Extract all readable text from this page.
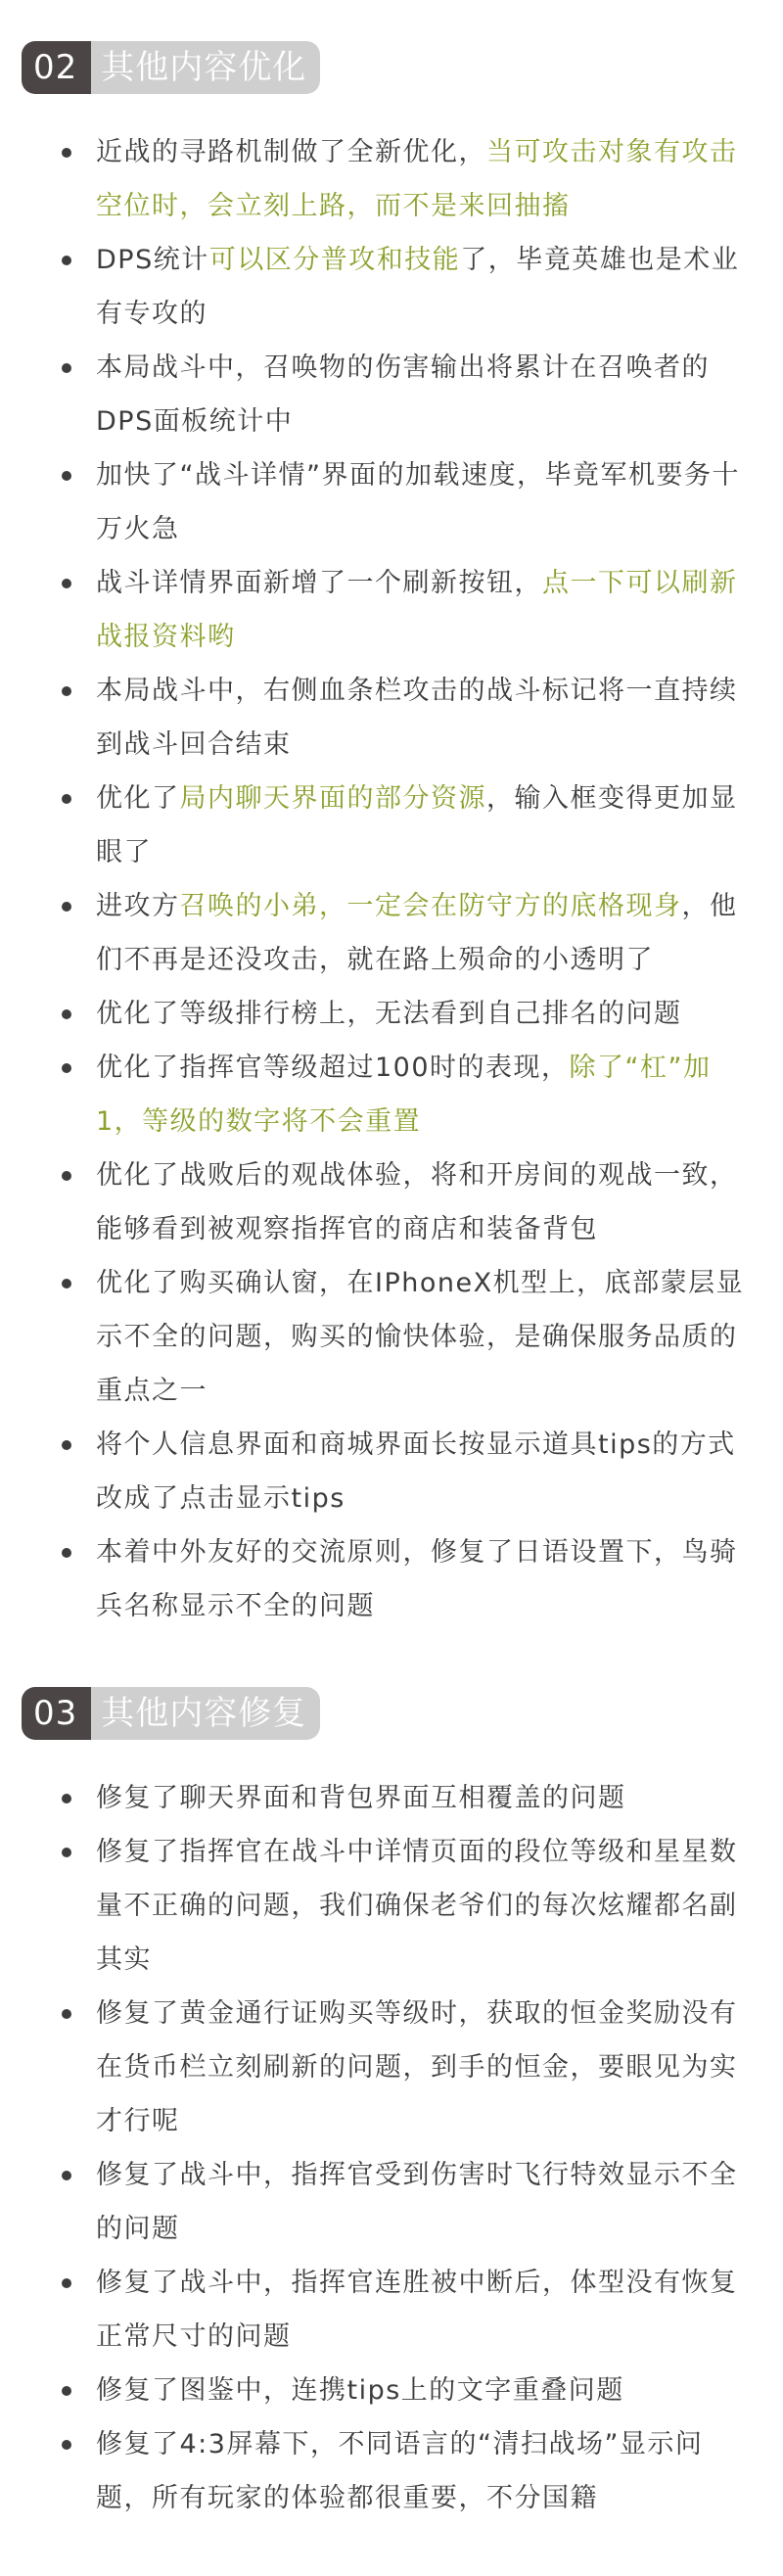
02 其他内容优化
近战的寻路机制做了全新优化，当可攻击对象有攻击空位时，会立刻上路，而不是来回抽搐
DPS统计可以区分普攻和技能了，毕竟英雄也是术业有专攻的
本局战斗中，召唤物的伤害输出将累计在召唤者的DPS面板统计中
加快了“战斗详情”界面的加载速度，毕竟军机要务十万火急
战斗详情界面新增了一个刷新按钮，点一下可以刷新战报资料哟
本局战斗中，右侧血条栏攻击的战斗标记将一直持续到战斗回合结束
优化了局内聊天界面的部分资源，输入框变得更加显眼了
进攻方召唤的小弟，一定会在防守方的底格现身，他们不再是还没攻击，就在路上殒命的小透明了
优化了等级排行榜上，无法看到自己排名的问题
优化了指挥官等级超过100时的表现，除了“杠”加1，等级的数字将不会重置
优化了战败后的观战体验，将和开房间的观战一致，能够看到被观察指挥官的商店和装备背包
优化了购买确认窗，在IPhoneX机型上，底部蒙层显示不全的问题，购买的愉快体验，是确保服务品质的重点之一
将个人信息界面和商城界面长按显示道具tips的方式改成了点击显示tips
本着中外友好的交流原则，修复了日语设置下，鸟骑兵名称显示不全的问题
03 其他内容修复
修复了聊天界面和背包界面互相覆盖的问题
修复了指挥官在战斗中详情页面的段位等级和星星数量不正确的问题，我们确保老爷们的每次炫耀都名副其实
修复了黄金通行证购买等级时，获取的恒金奖励没有在货币栏立刻刷新的问题，到手的恒金，要眼见为实才行呢
修复了战斗中，指挥官受到伤害时飞行特效显示不全的问题
修复了战斗中，指挥官连胜被中断后，体型没有恢复正常尺寸的问题
修复了图鉴中，连携tips上的文字重叠问题
修复了4:3屏幕下，不同语言的“清扫战场”显示问题，所有玩家的体验都很重要，不分国籍
